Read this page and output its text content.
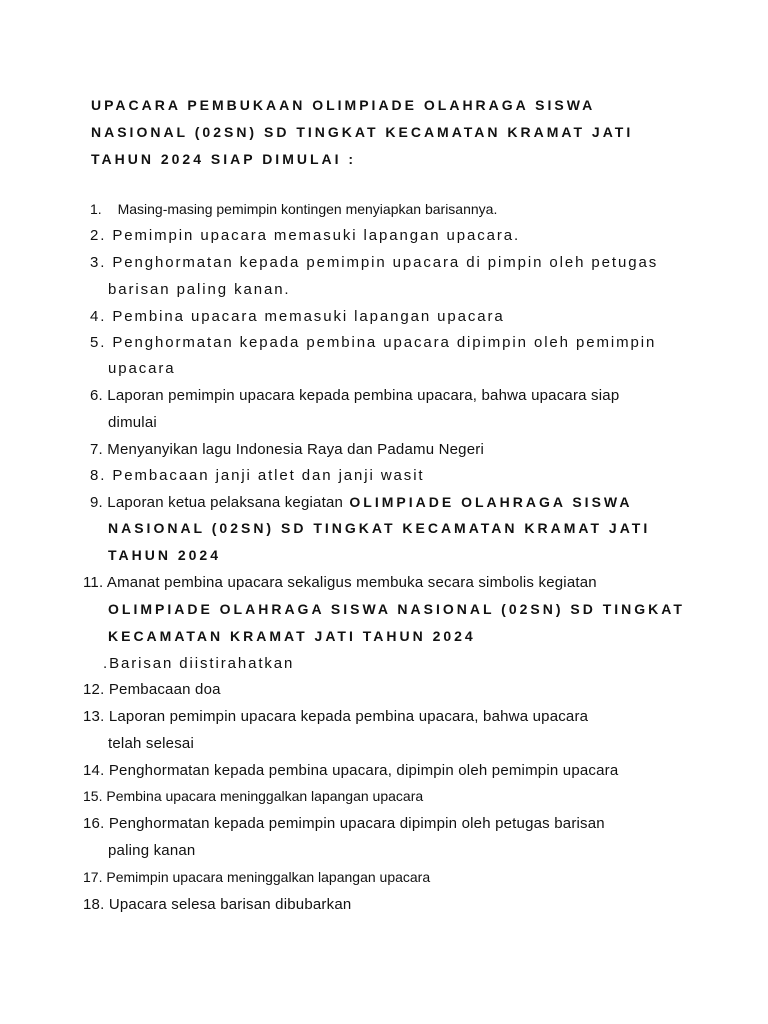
UPACARA PEMBUKAAN OLIMPIADE OLAHRAGA SISWA
NASIONAL (02SN) SD TINGKAT KECAMATAN KRAMAT JATI
TAHUN 2024 SIAP DIMULAI :
1. Masing-masing pemimpin kontingen menyiapkan barisannya.
2. Pemimpin upacara memasuki lapangan upacara.
3. Penghormatan kepada pemimpin upacara di pimpin oleh petugas
barisan paling kanan.
4. Pembina upacara memasuki lapangan upacara
5. Penghormatan kepada pembina upacara dipimpin oleh pemimpin
upacara
6. Laporan pemimpin upacara kepada pembina upacara, bahwa upacara siap
dimulai
7. Menyanyikan lagu Indonesia Raya dan Padamu Negeri
8. Pembacaan janji atlet dan janji wasit
9. Laporan ketua pelaksana kegiatan OLIMPIADE OLAHRAGA SISWA
NASIONAL (02SN) SD TINGKAT KECAMATAN KRAMAT JATI
TAHUN 2024
11. Amanat pembina upacara sekaligus membuka secara simbolis kegiatan
OLIMPIADE OLAHRAGA SISWA NASIONAL (02SN) SD TINGKAT
KECAMATAN KRAMAT JATI TAHUN 2024
.Barisan diistirahatkan
12. Pembacaan doa
13. Laporan pemimpin upacara kepada pembina upacara, bahwa upacara
telah selesai
14. Penghormatan kepada pembina upacara, dipimpin oleh pemimpin upacara
15. Pembina upacara meninggalkan lapangan upacara
16. Penghormatan kepada pemimpin upacara dipimpin oleh petugas barisan
paling kanan
17. Pemimpin upacara meninggalkan lapangan upacara
18. Upacara selesa barisan dibubarkan
